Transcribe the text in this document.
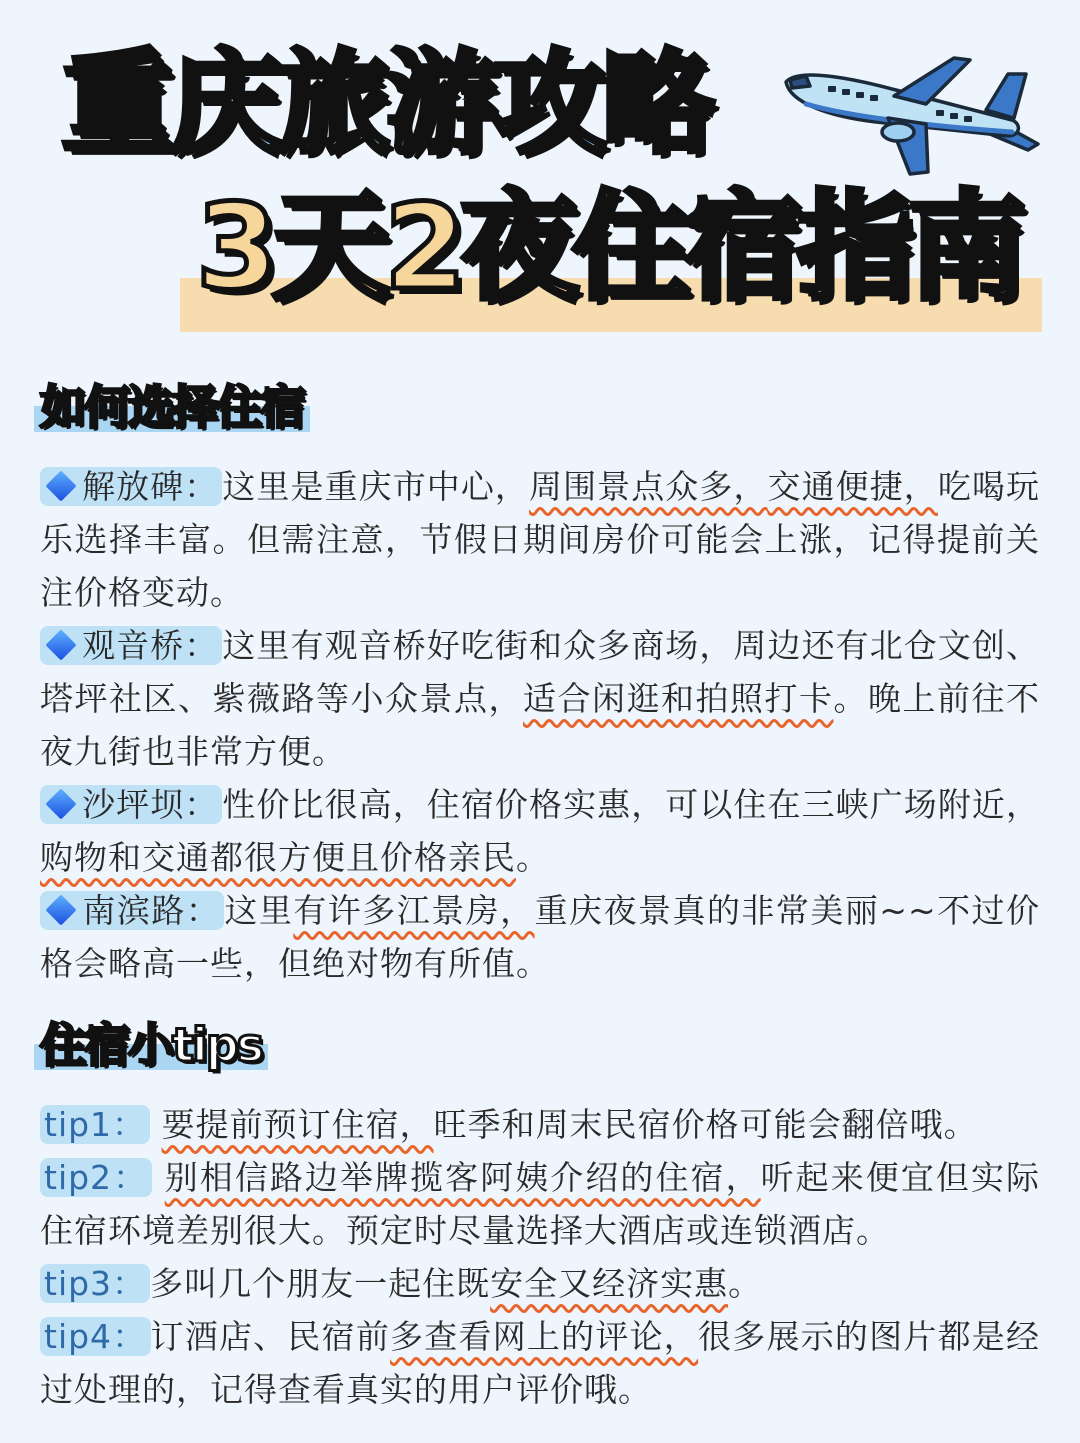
重庆旅游攻略
3天2夜住宿指南
如何选择住宿
解放碑： 这里是重庆市中心，周围景点众多，交通便捷，吃喝玩乐选择丰富。但需注意，节假日期间房价可能会上涨，记得提前关注价格变动。
观音桥： 这里有观音桥好吃街和众多商场，周边还有北仓文创、塔坪社区、紫薇路等小众景点，适合闲逛和拍照打卡。晚上前往不夜九街也非常方便。
沙坪坝： 性价比很高，住宿价格实惠，可以住在三峡广场附近，购物和交通都很方便且价格亲民。
南滨路： 这里有许多江景房，重庆夜景真的非常美丽~~不过价格会略高一些，但绝对物有所值。
住宿小tips
tip1： 要提前预订住宿，旺季和周末民宿价格可能会翻倍哦。
tip2： 别相信路边举牌揽客阿姨介绍的住宿，听起来便宜但实际住宿环境差别很大。预定时尽量选择大酒店或连锁酒店。
tip3： 多叫几个朋友一起住既安全又经济实惠。
tip4： 订酒店、民宿前多查看网上的评论，很多展示的图片都是经过处理的，记得查看真实的用户评价哦。
